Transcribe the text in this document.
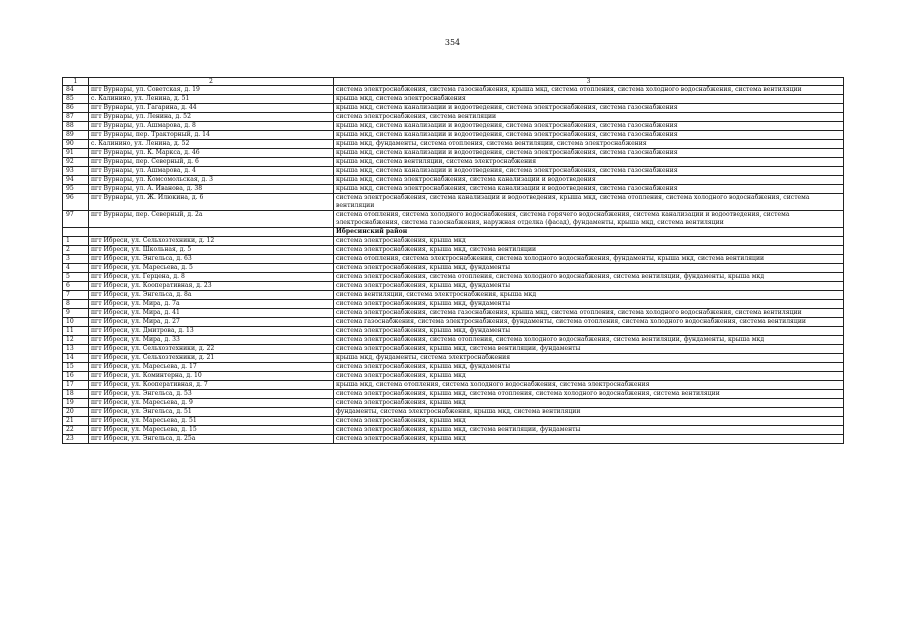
354
1	2	3
84	пгт Вурнары, ул. Советская, д. 19	система электроснабжения, система газоснабжения, крыша мкд, система отопления, система холодного водоснабжения, система вентиляции
85	с. Калинино, ул. Ленина, д. 51	крыша мкд, система электроснабжения
86	пгт Вурнары, ул. Гагарина, д. 44	крыша мкд, система канализации и водоотведения, система электроснабжения, система газоснабжения
87	пгт Вурнары, ул. Ленина, д. 52	система электроснабжения, система вентиляции
88	пгт Вурнары, ул. Ашмарова, д. 8	крыша мкд, система канализации и водоотведения, система электроснабжения, система газоснабжения
89	пгт Вурнары, пер. Тракторный, д. 14	крыша мкд, система канализации и водоотведения, система электроснабжения, система газоснабжения
90	с. Калинино, ул. Ленина, д. 52	крыша мкд, фундаменты, система отопления, система вентиляции, система электроснабжения
91	пгт Вурнары, ул. К. Маркса, д. 46	крыша мкд, система канализации и водоотведения, система электроснабжения, система газоснабжения
92	пгт Вурнары, пер. Северный, д. 6	крыша мкд, система вентиляции, система электроснабжения
93	пгт Вурнары, ул. Ашмарова, д. 4	крыша мкд, система канализации и водоотведения, система электроснабжения, система газоснабжения
94	пгт Вурнары, ул. Комсомольская, д. 3	крыша мкд, система электроснабжения, система канализации и водоотведения
95	пгт Вурнары, ул. А. Иванова, д. 38	крыша мкд, система электроснабжения, система канализации и водоотведения, система газоснабжения
96	пгт Вурнары, ул. Ж. Илюкина, д. 6	система электроснабжения, система канализации и водоотведения, крыша мкд, система отопления, система холодного водоснабжения, система вентиляции
97	пгт Вурнары, пер. Северный, д. 2а	система отопления, система холодного водоснабжения, система горячего водоснабжения, система канализации и водоотведения, система электроснабжения, система газоснабжения, наружная отделка (фасад), фундаменты, крыша мкд, система вентиляции
		Ибресинский район
1	пгт Ибреси, ул. Сельхозтехники, д. 12	система электроснабжения, крыша мкд
2	пгт Ибреси, ул. Школьная, д. 5	система электроснабжения, крыша мкд, система вентиляции
3	пгт Ибреси, ул. Энгельса, д. 63	система отопления, система электроснабжения, система холодного водоснабжения, фундаменты, крыша мкд, система вентиляции
4	пгт Ибреси, ул. Маресьева, д. 5	система электроснабжения, крыша мкд, фундаменты
5	пгт Ибреси, ул. Герцена, д. 8	система электроснабжения, система отопления, система холодного водоснабжения, система вентиляции, фундаменты, крыша мкд
6	пгт Ибреси, ул. Кооперативная, д. 23	система электроснабжения, крыша мкд, фундаменты
7	пгт Ибреси, ул. Энгельса, д. 8а	система вентиляции, система электроснабжения, крыша мкд
8	пгт Ибреси, ул. Мира, д. 7а	система электроснабжения, крыша мкд, фундаменты
9	пгт Ибреси, ул. Мира, д. 41	система электроснабжения, система газоснабжения, крыша мкд, система отопления, система холодного водоснабжения, система вентиляции
10	пгт Ибреси, ул. Мира, д. 27	система газоснабжения, система электроснабжения, фундаменты, система отопления, система холодного водоснабжения, система вентиляции
11	пгт Ибреси, ул. Дмитрова, д. 13	система электроснабжения, крыша мкд, фундаменты
12	пгт Ибреси, ул. Мира, д. 33	система электроснабжения, система отопления, система холодного водоснабжения, система вентиляции, фундаменты, крыша мкд
13	пгт Ибреси, ул. Сельхозтехники, д. 22	система электроснабжения, крыша мкд, система вентиляции, фундаменты
14	пгт Ибреси, ул. Сельхозтехники, д. 21	крыша мкд, фундаменты, система электроснабжения
15	пгт Ибреси, ул. Маресьева, д. 17	система электроснабжения, крыша мкд, фундаменты
16	пгт Ибреси, ул. Коминтерна, д. 10	система электроснабжения, крыша мкд
17	пгт Ибреси, ул. Кооперативная, д. 7	крыша мкд, система отопления, система холодного водоснабжения, система электроснабжения
18	пгт Ибреси, ул. Энгельса, д. 53	система электроснабжения, крыша мкд, система отопления, система холодного водоснабжения, система вентиляции
19	пгт Ибреси, ул. Маресьева, д. 9	система электроснабжения, крыша мкд
20	пгт Ибреси, ул. Энгельса, д. 51	фундаменты, система электроснабжения, крыша мкд, система вентиляции
21	пгт Ибреси, ул. Маресьева, д. 51	система электроснабжения, крыша мкд
22	пгт Ибреси, ул. Маресьева, д. 15	система электроснабжения, крыша мкд, система вентиляции, фундаменты
23	пгт Ибреси, ул. Энгельса, д. 25а	система электроснабжения, крыша мкд
